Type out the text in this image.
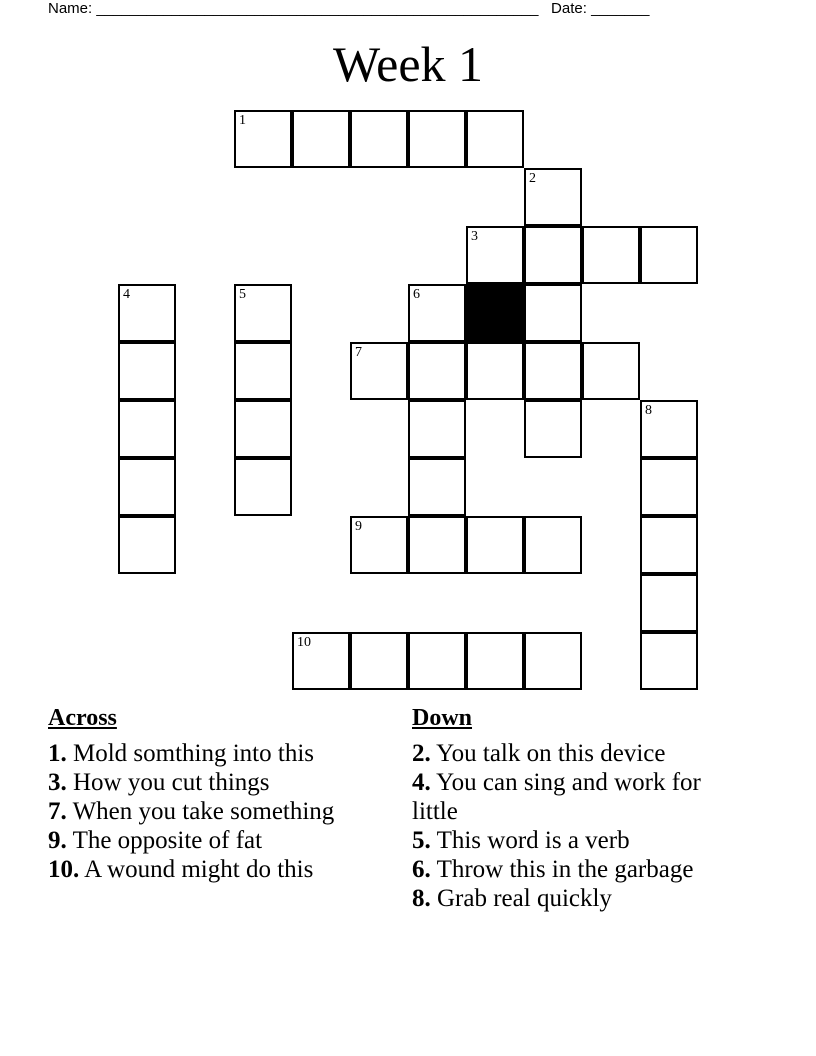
Name: _____________________________________________________ Date: _______
Week 1
1
2
3
4	5	6
7
8
9
10
Across
1. Mold somthing into this
3. How you cut things
7. When you take something
9. The opposite of fat
10. A wound might do this
Down
2. You talk on this device
4. You can sing and work for little
5. This word is a verb
6. Throw this in the garbage
8. Grab real quickly
